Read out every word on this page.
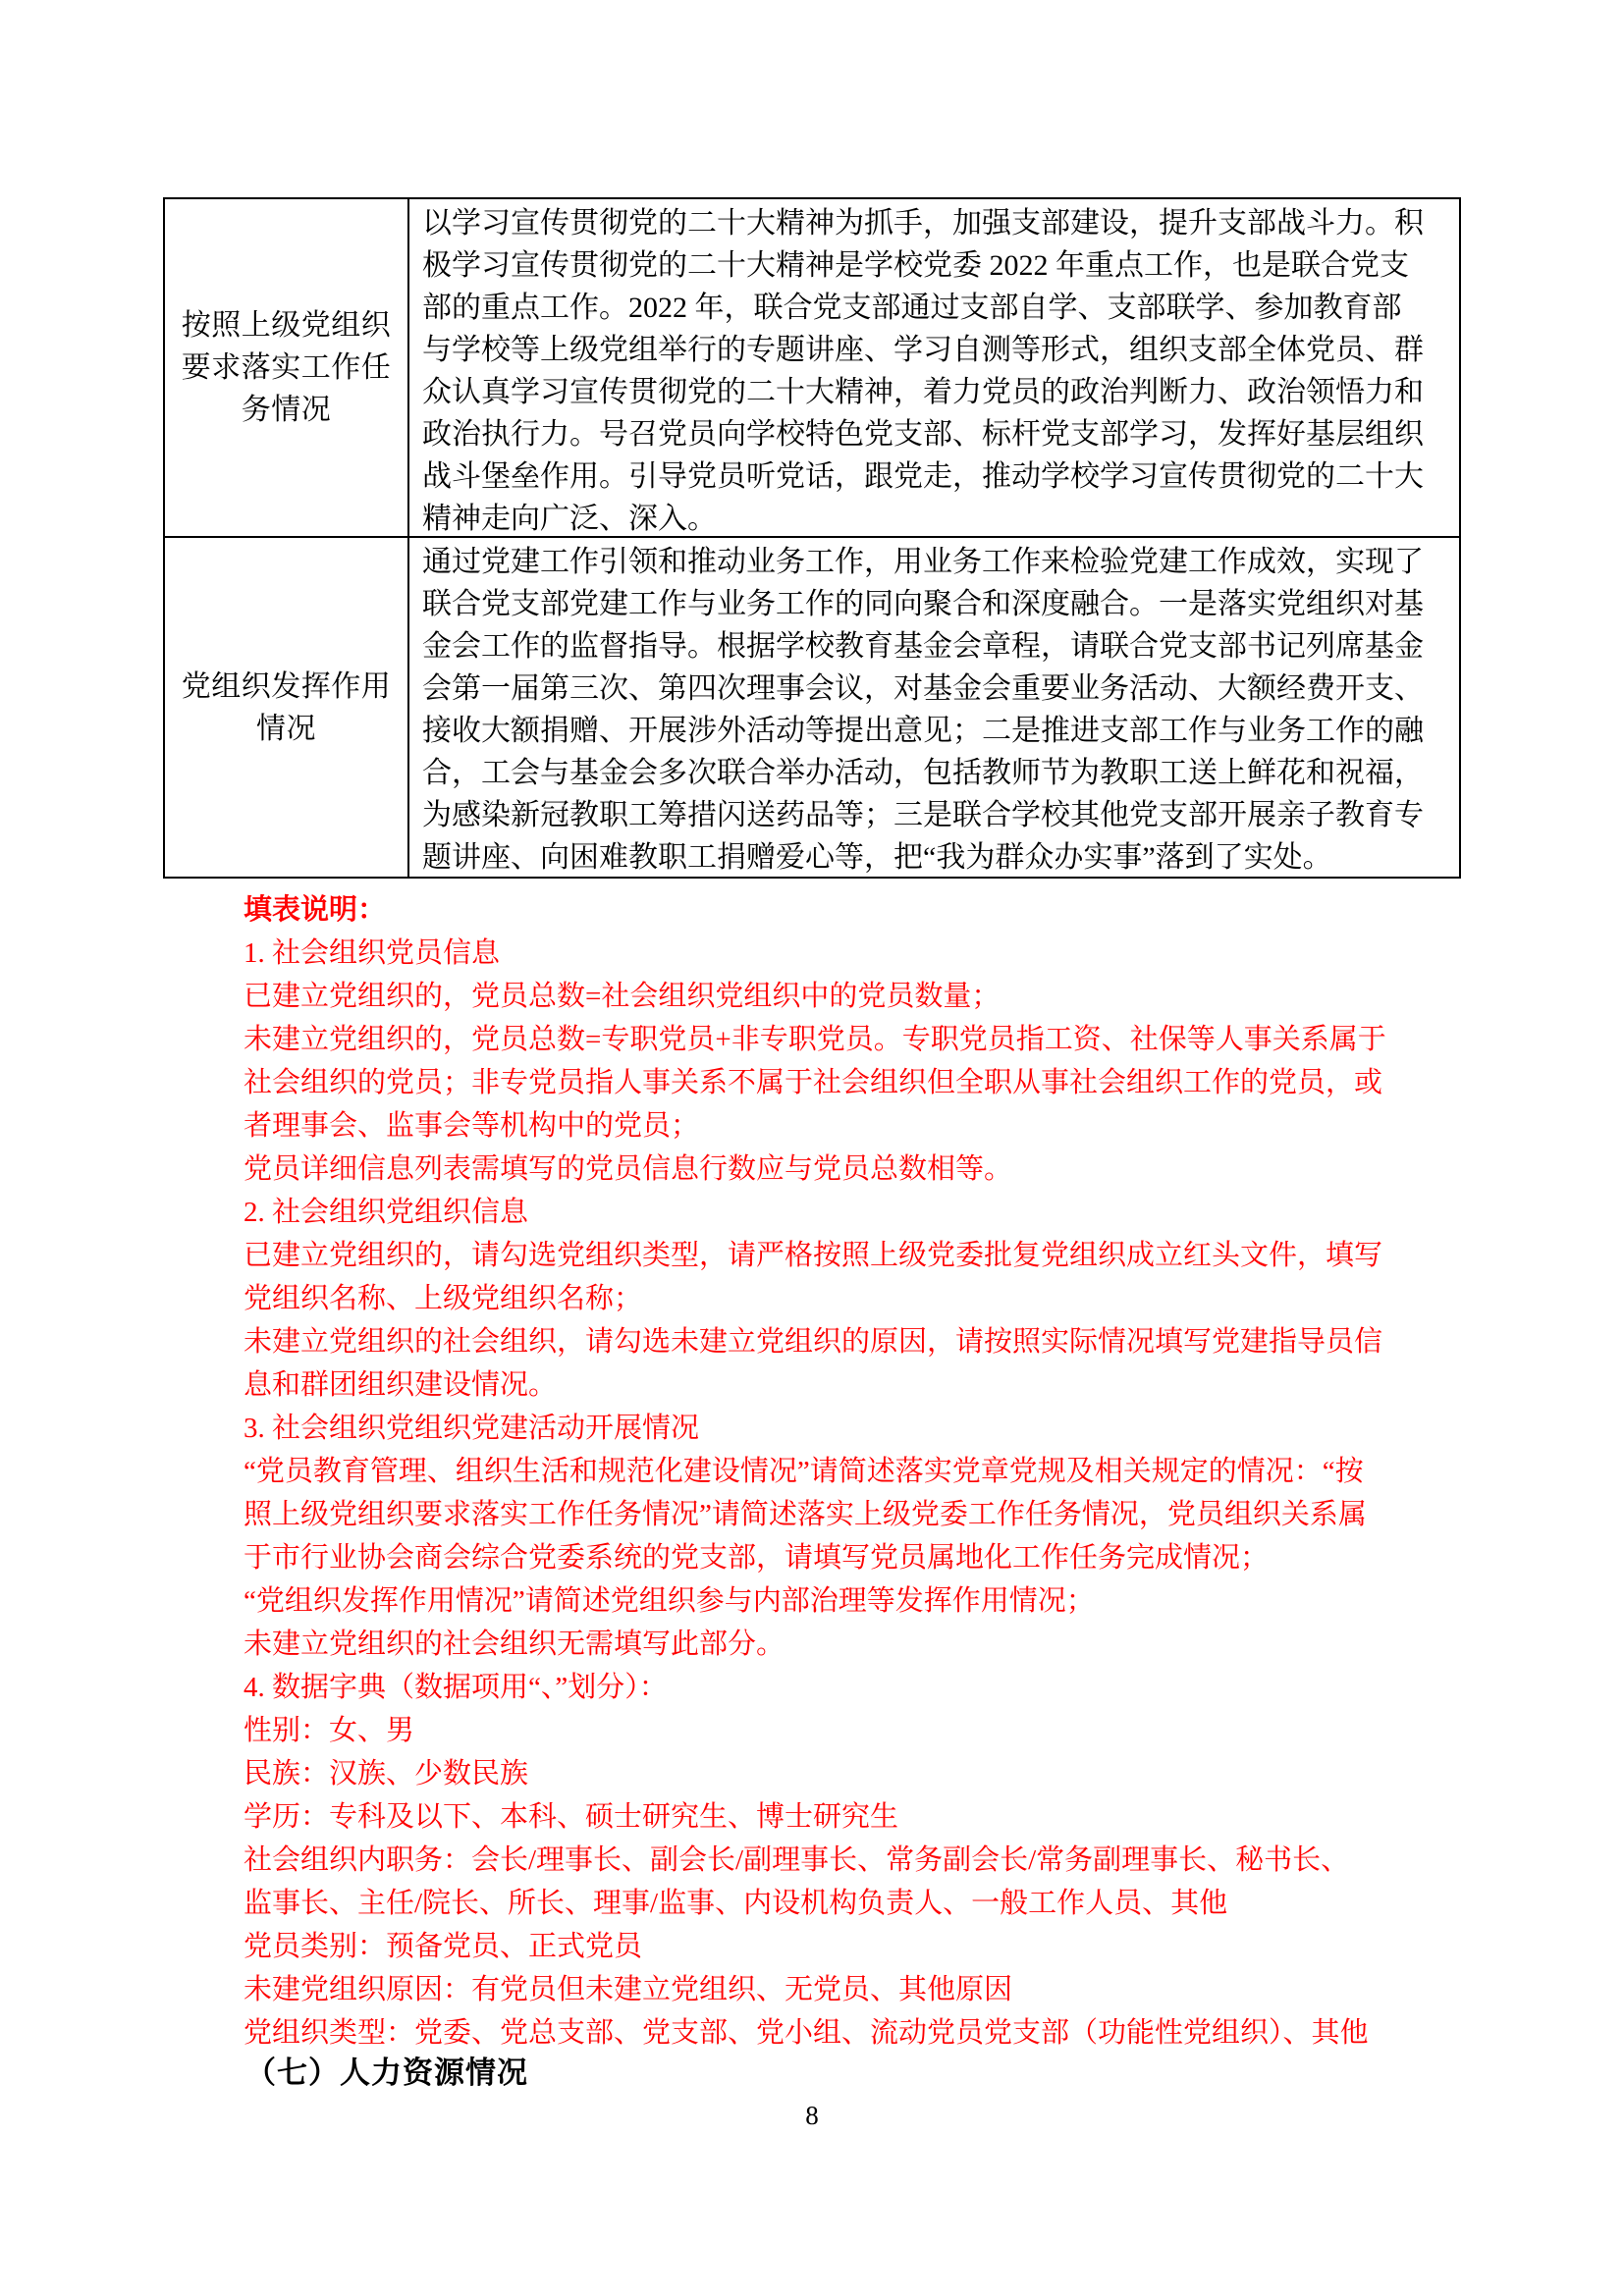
按照上级党组织
要求落实工作任
务情况
以学习宣传贯彻党的二十大精神为抓手，加强支部建设，提升支部战斗力。积
极学习宣传贯彻党的二十大精神是学校党委 2022 年重点工作，也是联合党支
部的重点工作。2022 年，联合党支部通过支部自学、支部联学、参加教育部
与学校等上级党组举行的专题讲座、学习自测等形式，组织支部全体党员、群
众认真学习宣传贯彻党的二十大精神，着力党员的政治判断力、政治领悟力和
政治执行力。号召党员向学校特色党支部、标杆党支部学习，发挥好基层组织
战斗堡垒作用。引导党员听党话，跟党走，推动学校学习宣传贯彻党的二十大
精神走向广泛、深入。
党组织发挥作用
情况
通过党建工作引领和推动业务工作，用业务工作来检验党建工作成效，实现了
联合党支部党建工作与业务工作的同向聚合和深度融合。一是落实党组织对基
金会工作的监督指导。根据学校教育基金会章程，请联合党支部书记列席基金
会第一届第三次、第四次理事会议，对基金会重要业务活动、大额经费开支、
接收大额捐赠、开展涉外活动等提出意见；二是推进支部工作与业务工作的融
合，工会与基金会多次联合举办活动，包括教师节为教职工送上鲜花和祝福，
为感染新冠教职工筹措闪送药品等；三是联合学校其他党支部开展亲子教育专
题讲座、向困难教职工捐赠爱心等，把“我为群众办实事”落到了实处。
填表说明：
1. 社会组织党员信息
已建立党组织的，党员总数=社会组织党组织中的党员数量；
未建立党组织的，党员总数=专职党员+非专职党员。专职党员指工资、社保等人事关系属于
社会组织的党员；非专党员指人事关系不属于社会组织但全职从事社会组织工作的党员，或
者理事会、监事会等机构中的党员；
党员详细信息列表需填写的党员信息行数应与党员总数相等。
2. 社会组织党组织信息
已建立党组织的，请勾选党组织类型，请严格按照上级党委批复党组织成立红头文件，填写
党组织名称、上级党组织名称；
未建立党组织的社会组织，请勾选未建立党组织的原因，请按照实际情况填写党建指导员信
息和群团组织建设情况。
3. 社会组织党组织党建活动开展情况
“党员教育管理、组织生活和规范化建设情况”请简述落实党章党规及相关规定的情况：“按
照上级党组织要求落实工作任务情况”请简述落实上级党委工作任务情况，党员组织关系属
于市行业协会商会综合党委系统的党支部，请填写党员属地化工作任务完成情况；
“党组织发挥作用情况”请简述党组织参与内部治理等发挥作用情况；
未建立党组织的社会组织无需填写此部分。
4. 数据字典（数据项用“、”划分）：
性别：女、男
民族：汉族、少数民族
学历：专科及以下、本科、硕士研究生、博士研究生
社会组织内职务：会长/理事长、副会长/副理事长、常务副会长/常务副理事长、秘书长、
监事长、主任/院长、所长、理事/监事、内设机构负责人、一般工作人员、其他
党员类别：预备党员、正式党员
未建党组织原因：有党员但未建立党组织、无党员、其他原因
党组织类型：党委、党总支部、党支部、党小组、流动党员党支部（功能性党组织）、其他
（七）人力资源情况
8
